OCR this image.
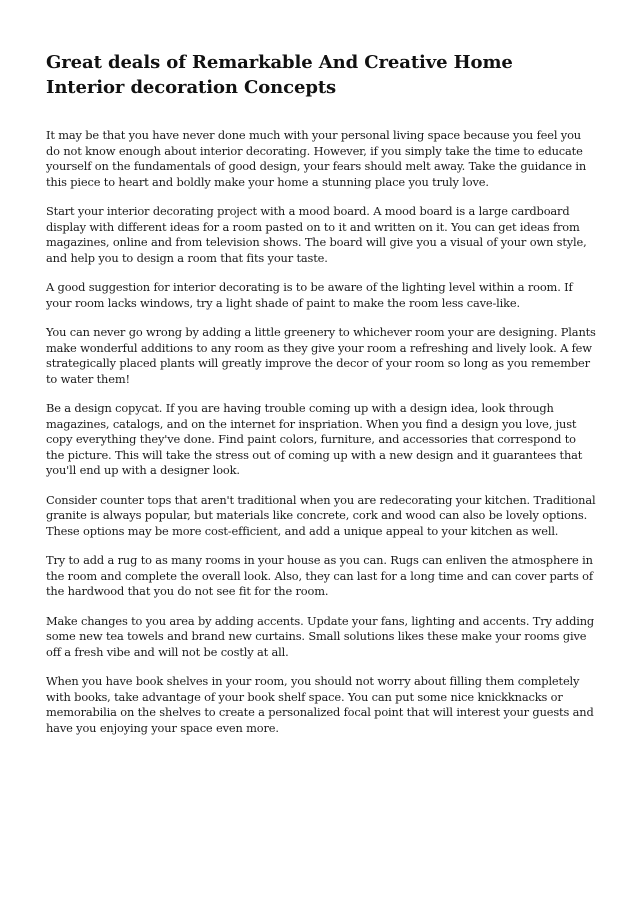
Great deals of Remarkable And Creative Home Interior decoration Concepts

It may be that you have never done much with your personal living space because you feel you do not know enough about interior decorating. However, if you simply take the time to educate yourself on the fundamentals of good design, your fears should melt away. Take the guidance in this piece to heart and boldly make your home a stunning place you truly love.

Start your interior decorating project with a mood board. A mood board is a large cardboard display with different ideas for a room pasted on to it and written on it. You can get ideas from magazines, online and from television shows. The board will give you a visual of your own style, and help you to design a room that fits your taste.

A good suggestion for interior decorating is to be aware of the lighting level within a room. If your room lacks windows, try a light shade of paint to make the room less cave-like.

You can never go wrong by adding a little greenery to whichever room your are designing. Plants make wonderful additions to any room as they give your room a refreshing and lively look. A few strategically placed plants will greatly improve the decor of your room so long as you remember to water them!

Be a design copycat. If you are having trouble coming up with a design idea, look through magazines, catalogs, and on the internet for inspriation. When you find a design you love, just copy everything they've done. Find paint colors, furniture, and accessories that correspond to the picture. This will take the stress out of coming up with a new design and it guarantees that you'll end up with a designer look.

Consider counter tops that aren't traditional when you are redecorating your kitchen. Traditional granite is always popular, but materials like concrete, cork and wood can also be lovely options. These options may be more cost-efficient, and add a unique appeal to your kitchen as well.

Try to add a rug to as many rooms in your house as you can. Rugs can enliven the atmosphere in the room and complete the overall look. Also, they can last for a long time and can cover parts of the hardwood that you do not see fit for the room.

Make changes to you area by adding accents. Update your fans, lighting and accents. Try adding some new tea towels and brand new curtains. Small solutions likes these make your rooms give off a fresh vibe and will not be costly at all.

When you have book shelves in your room, you should not worry about filling them completely with books, take advantage of your book shelf space. You can put some nice knickknacks or memorabilia on the shelves to create a personalized focal point that will interest your guests and have you enjoying your space even more.
